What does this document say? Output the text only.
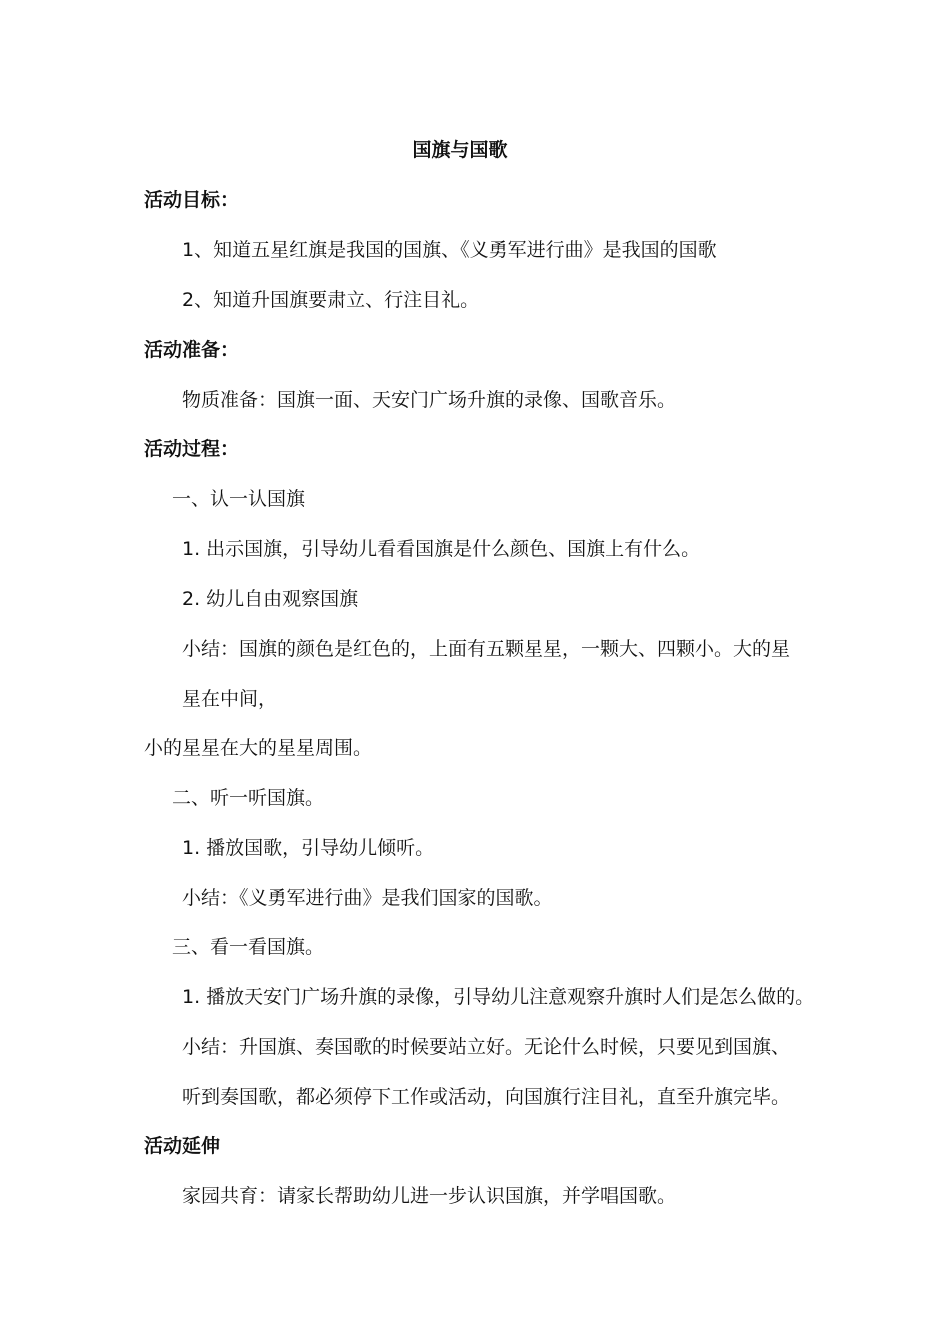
国旗与国歌
活动目标：
1、知道五星红旗是我国的国旗、《义勇军进行曲》是我国的国歌
2、知道升国旗要肃立、行注目礼。
活动准备：
物质准备：国旗一面、天安门广场升旗的录像、国歌音乐。
活动过程：
一、认一认国旗
1. 出示国旗，引导幼儿看看国旗是什么颜色、国旗上有什么。
2. 幼儿自由观察国旗
小结：国旗的颜色是红色的，上面有五颗星星，一颗大、四颗小。大的星
星在中间，
小的星星在大的星星周围。
二、听一听国旗。
1. 播放国歌，引导幼儿倾听。
小结：《义勇军进行曲》是我们国家的国歌。
三、看一看国旗。
1. 播放天安门广场升旗的录像，引导幼儿注意观察升旗时人们是怎么做的。
小结：升国旗、奏国歌的时候要站立好。无论什么时候，只要见到国旗、
听到奏国歌，都必须停下工作或活动，向国旗行注目礼，直至升旗完毕。
活动延伸
家园共育：请家长帮助幼儿进一步认识国旗，并学唱国歌。
